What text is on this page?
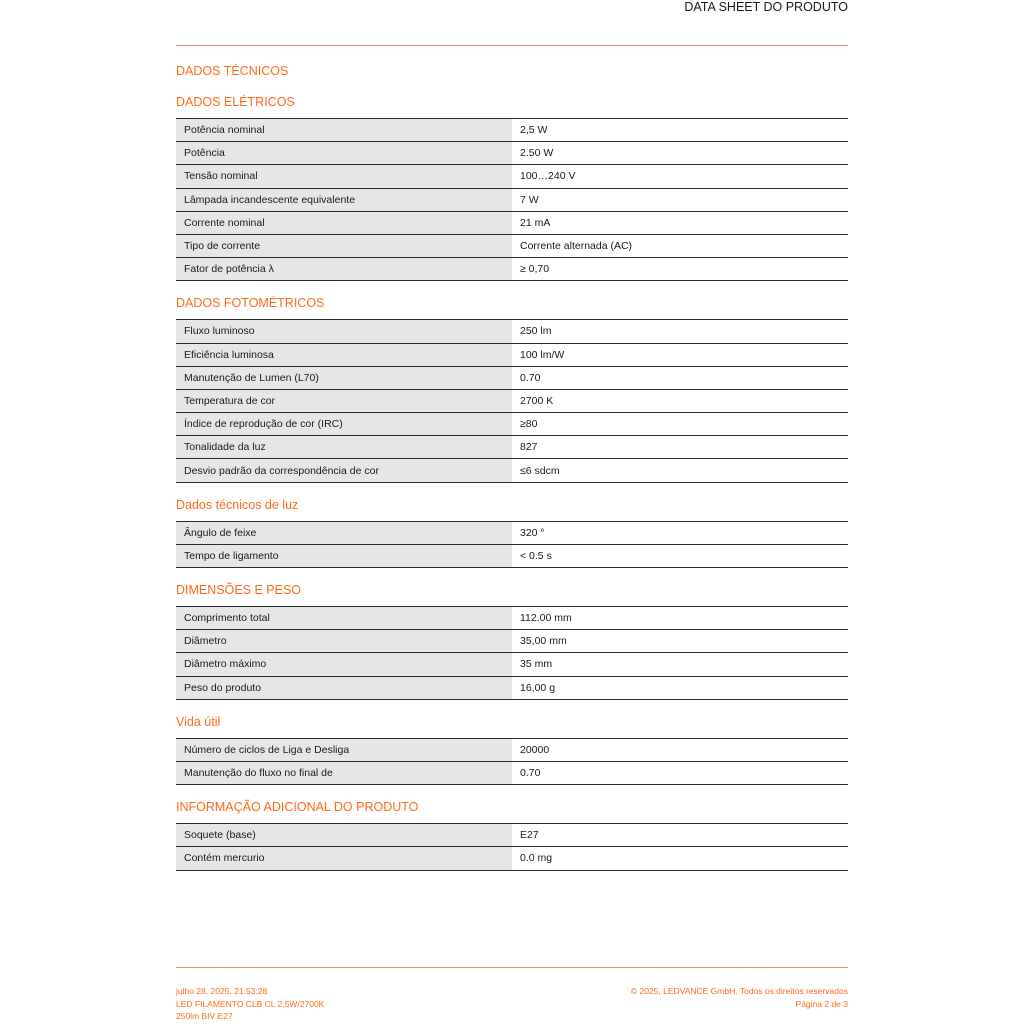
DATA SHEET DO PRODUTO
DADOS TÉCNICOS
DADOS ELÉTRICOS
Potência nominal		2,5 W
Potência		2.50 W
Tensão nominal		100…240 V
Lâmpada incandescente equivalente		7 W
Corrente nominal		21 mA
Tipo de corrente		Corrente alternada (AC)
Fator de potência λ		≥ 0,70
DADOS FOTOMÉTRICOS
Fluxo luminoso		250 lm
Eficiência luminosa		100 lm/W
Manutenção de Lumen (L70)		0.70
Temperatura de cor		2700 K
Índice de reprodução de cor (IRC)		≥80
Tonalidade da luz		827
Desvio padrão da correspondência de cor		≤6 sdcm
Dados técnicos de luz
Ângulo de feixe		320 °
Tempo de ligamento		< 0.5 s
DIMENSÕES E PESO
Comprimento total		112.00 mm
Diâmetro		35,00 mm
Diâmetro máximo		35 mm
Peso do produto		16,00 g
Vida útil
Número de ciclos de Liga e Desliga		20000
Manutenção do fluxo no final de		0.70
INFORMAÇÃO ADICIONAL DO PRODUTO
Soquete (base)		E27
Contém mercurio		0.0 mg
julho 28, 2025, 21:53:28
LED FILAMENTO CLB CL 2,5W/2700K
250lm BIV E27
© 2025, LEDVANCE GmbH. Todos os direitos reservados
Página 2 de 3
